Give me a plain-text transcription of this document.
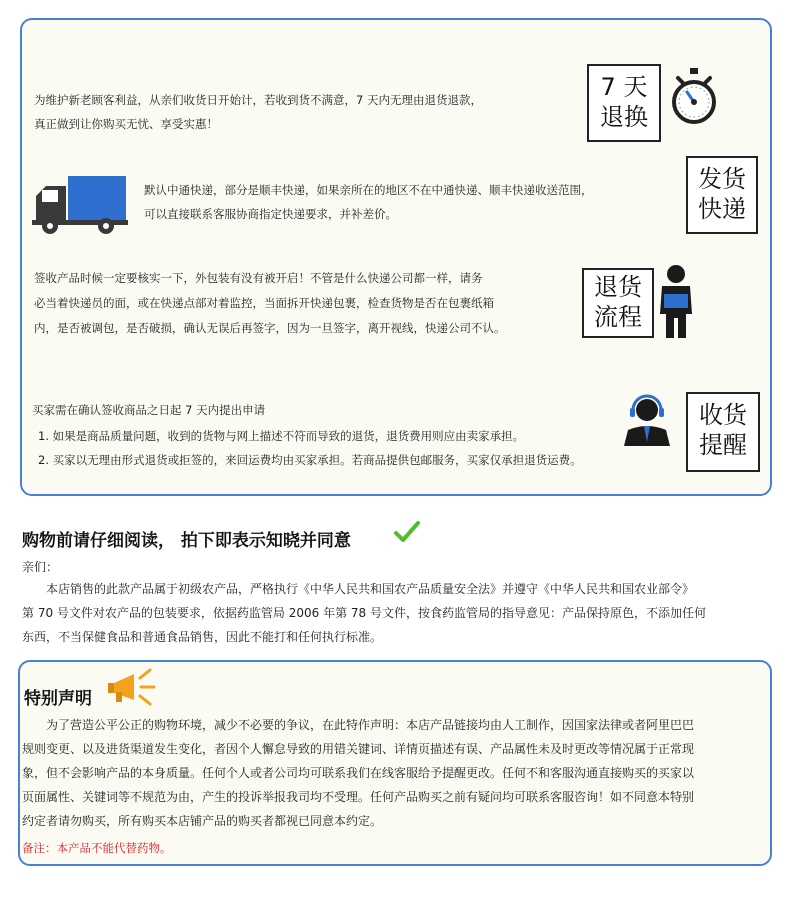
为维护新老顾客利益，从亲们收货日开始计，若收到货不满意，7 天内无理由退货退款，
真正做到让你购买无忧、享受实惠！
7 天
退换
默认中通快递，部分是顺丰快递，如果亲所在的地区不在中通快递、顺丰快递收送范围，
可以直接联系客服协商指定快递要求，并补差价。
发货
快递
签收产品时候一定要核实一下，外包装有没有被开启！不管是什么快递公司都一样，请务
必当着快递员的面，或在快递点部对着监控，当面拆开快递包裹，检查货物是否在包裹纸箱
内，是否被调包，是否破损，确认无误后再签字，因为一旦签字，离开视线，快递公司不认。
退货
流程
买家需在确认签收商品之日起 7 天内提出申请
1. 如果是商品质量问题，收到的货物与网上描述不符而导致的退货，退货费用则应由卖家承担。
2. 买家以无理由形式退货或拒签的，来回运费均由买家承担。若商品提供包邮服务，买家仅承担退货运费。
收货
提醒
购物前请仔细阅读， 拍下即表示知晓并同意
亲们：
本店销售的此款产品属于初级农产品，严格执行《中华人民共和国农产品质量安全法》并遵守《中华人民共和国农业部令》
第 70 号文件对农产品的包装要求，依据药监管局 2006 年第 78 号文件，按食药监管局的指导意见：产品保持原色，不添加任何
东西，不当保健食品和普通食品销售，因此不能打和任何执行标准。
特别声明
为了营造公平公正的购物环境，减少不必要的争议，在此特作声明：本店产品链接均由人工制作，因国家法律或者阿里巴巴
规则变更、以及进货渠道发生变化，者因个人懈怠导致的用错关键词、详情页描述有误、产品属性未及时更改等情况属于正常现
象，但不会影响产品的本身质量。任何个人或者公司均可联系我们在线客服给予提醒更改。任何不和客服沟通直接购买的买家以
页面属性、关键词等不规范为由，产生的投诉举报我司均不受理。任何产品购买之前有疑问均可联系客服咨询！如不同意本特别
约定者请勿购买，所有购买本店铺产品的购买者都视已同意本约定。
备注：本产品不能代替药物。
